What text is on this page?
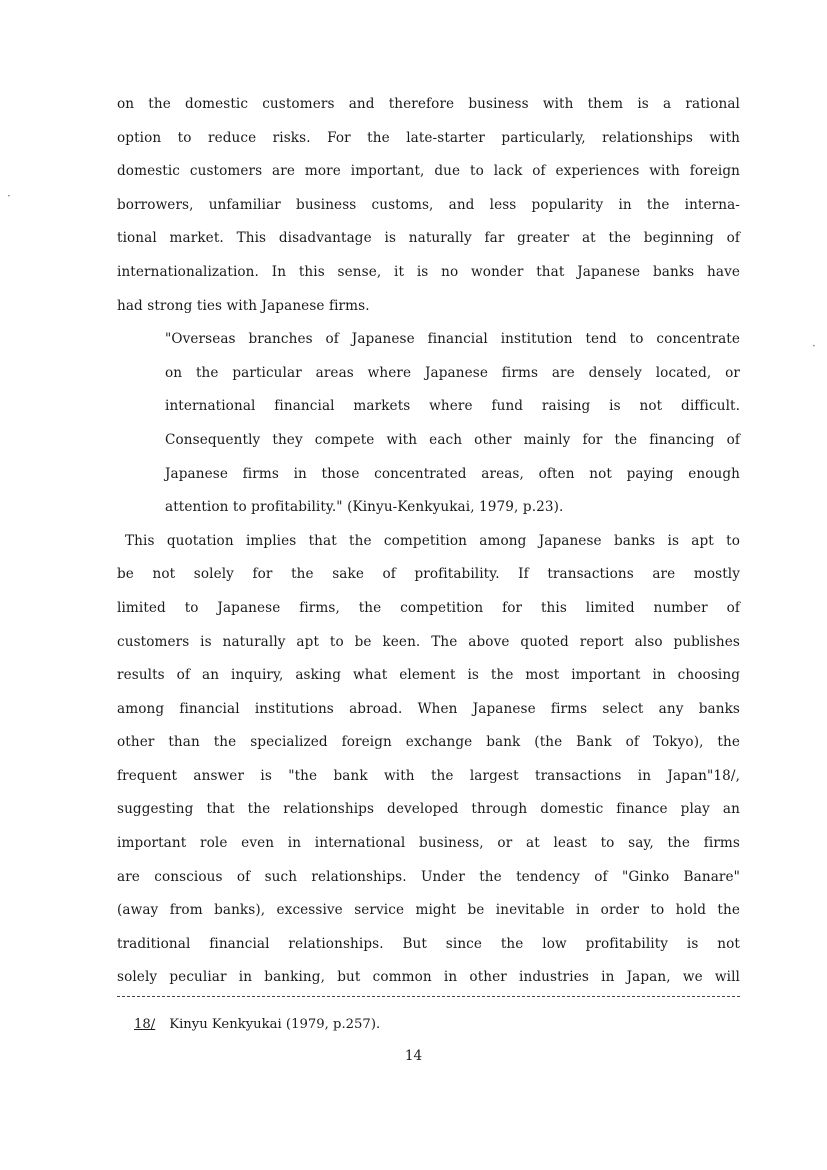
on the domestic customers and therefore business with them is a rational
option to reduce risks. For the late-starter particularly, relationships with
domestic customers are more important, due to lack of experiences with foreign
borrowers, unfamiliar business customs, and less popularity in the interna-
tional market. This disadvantage is naturally far greater at the beginning of
internationalization. In this sense, it is no wonder that Japanese banks have
had strong ties with Japanese firms.
"Overseas branches of Japanese financial institution tend to concentrate
on the particular areas where Japanese firms are densely located, or
international financial markets where fund raising is not difficult.
Consequently they compete with each other mainly for the financing of
Japanese firms in those concentrated areas, often not paying enough
attention to profitability." (Kinyu-Kenkyukai, 1979, p.23).
This quotation implies that the competition among Japanese banks is apt to
be not solely for the sake of profitability. If transactions are mostly
limited to Japanese firms, the competition for this limited number of
customers is naturally apt to be keen. The above quoted report also publishes
results of an inquiry, asking what element is the most important in choosing
among financial institutions abroad. When Japanese firms select any banks
other than the specialized foreign exchange bank (the Bank of Tokyo), the
frequent answer is "the bank with the largest transactions in Japan"18/,
suggesting that the relationships developed through domestic finance play an
important role even in international business, or at least to say, the firms
are conscious of such relationships. Under the tendency of "Ginko Banare"
(away from banks), excessive service might be inevitable in order to hold the
traditional financial relationships. But since the low profitability is not
solely peculiar in banking, but common in other industries in Japan, we will
18/ Kinyu Kenkyukai (1979, p.257).
14
·
·
